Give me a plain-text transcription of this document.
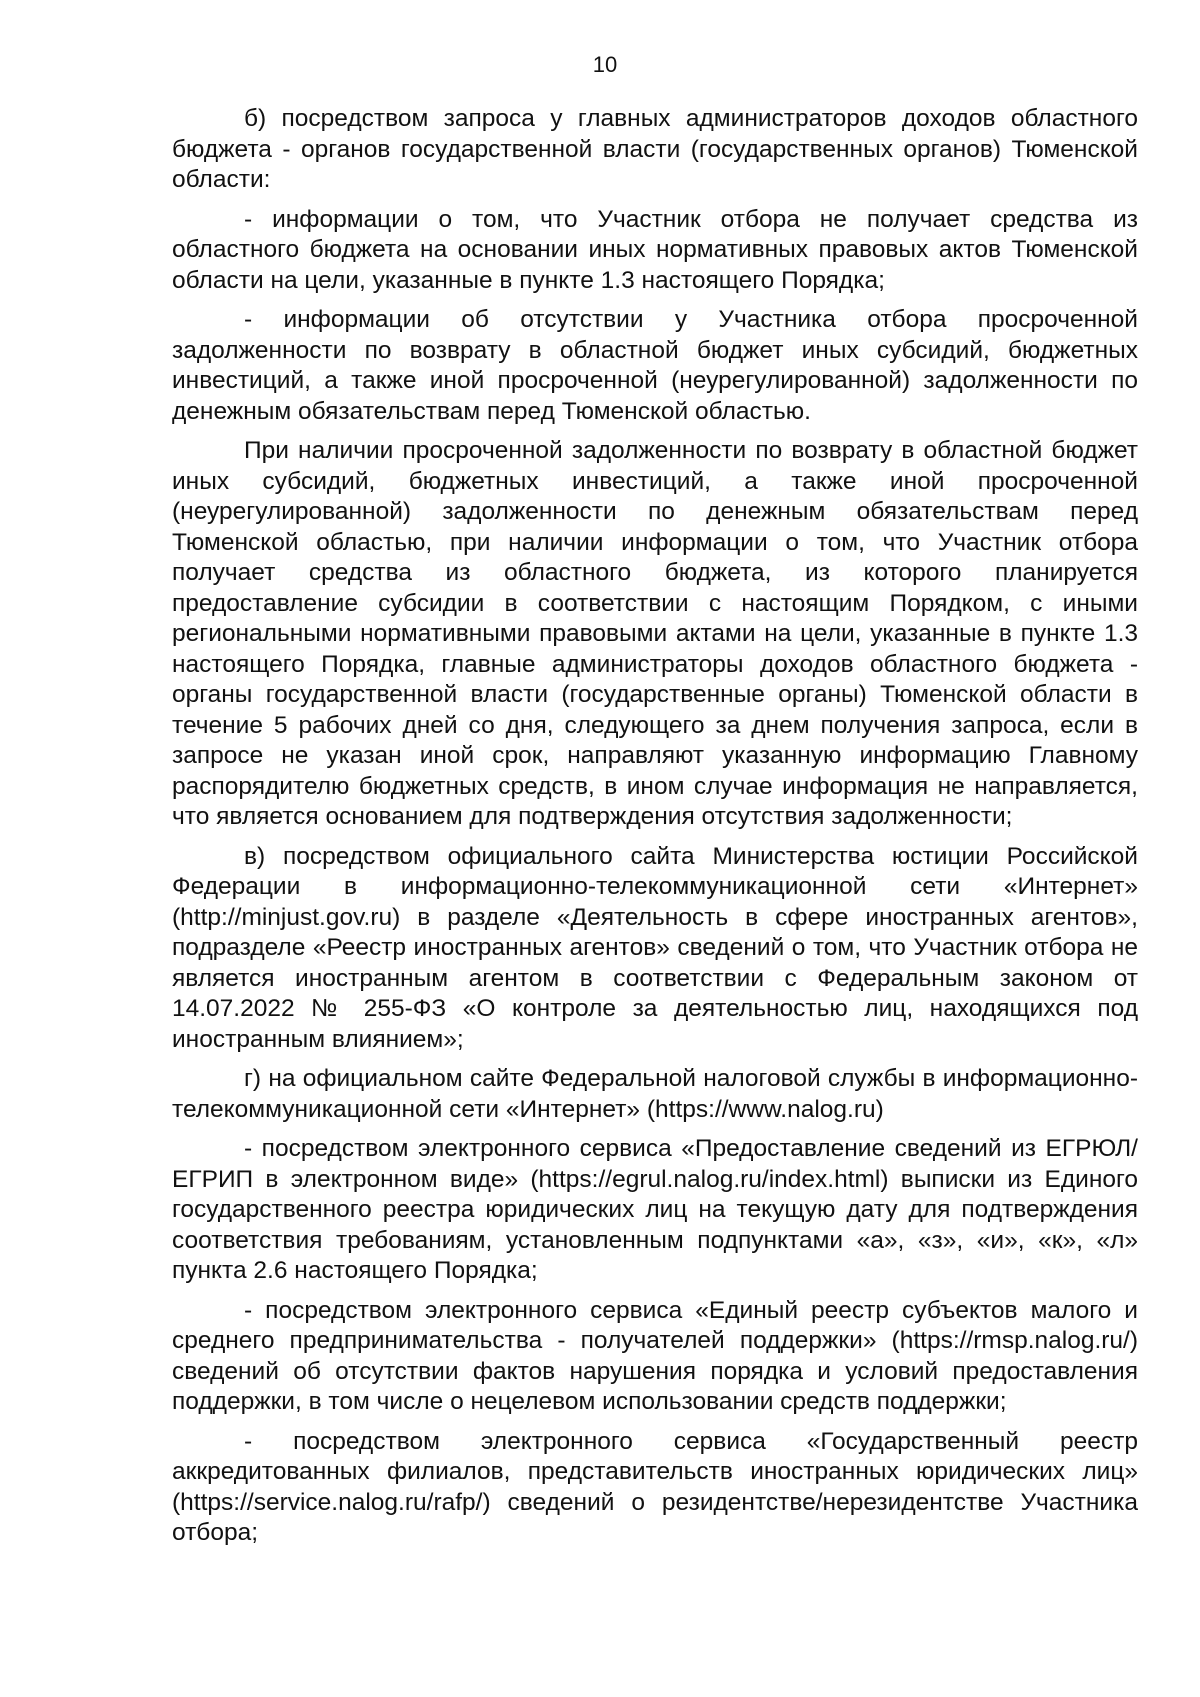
10

б) посредством запроса у главных администраторов доходов областного бюджета - органов государственной власти (государственных органов) Тюменской области:

- информации о том, что Участник отбора не получает средства из областного бюджета на основании иных нормативных правовых актов Тюменской области на цели, указанные в пункте 1.3 настоящего Порядка;

- информации об отсутствии у Участника отбора просроченной задолженности по возврату в областной бюджет иных субсидий, бюджетных инвестиций, а также иной просроченной (неурегулированной) задолженности по денежным обязательствам перед Тюменской областью.

При наличии просроченной задолженности по возврату в областной бюджет иных субсидий, бюджетных инвестиций, а также иной просроченной (неурегулированной) задолженности по денежным обязательствам перед Тюменской областью, при наличии информации о том, что Участник отбора получает средства из областного бюджета, из которого планируется предоставление субсидии в соответствии с настоящим Порядком, с иными региональными нормативными правовыми актами на цели, указанные в пункте 1.3 настоящего Порядка, главные администраторы доходов областного бюджета - органы государственной власти (государственные органы) Тюменской области в течение 5 рабочих дней со дня, следующего за днем получения запроса, если в запросе не указан иной срок, направляют указанную информацию Главному распорядителю бюджетных средств, в ином случае информация не направляется, что является основанием для подтверждения отсутствия задолженности;

в) посредством официального сайта Министерства юстиции Российской Федерации в информационно-телекоммуникационной сети «Интернет» (http://minjust.gov.ru) в разделе «Деятельность в сфере иностранных агентов», подразделе «Реестр иностранных агентов» сведений о том, что Участник отбора не является иностранным агентом в соответствии с Федеральным законом от 14.07.2022 № 255-ФЗ «О контроле за деятельностью лиц, находящихся под иностранным влиянием»;

г) на официальном сайте Федеральной налоговой службы в информационно-телекоммуникационной сети «Интернет» (https://www.nalog.ru)

- посредством электронного сервиса «Предоставление сведений из ЕГРЮЛ/ЕГРИП в электронном виде» (https://egrul.nalog.ru/index.html) выписки из Единого государственного реестра юридических лиц на текущую дату для подтверждения соответствия требованиям, установленным подпунктами «а», «з», «и», «к», «л» пункта 2.6 настоящего Порядка;

- посредством электронного сервиса «Единый реестр субъектов малого и среднего предпринимательства - получателей поддержки» (https://rmsp.nalog.ru/) сведений об отсутствии фактов нарушения порядка и условий предоставления поддержки, в том числе о нецелевом использовании средств поддержки;

- посредством электронного сервиса «Государственный реестр аккредитованных филиалов, представительств иностранных юридических лиц» (https://service.nalog.ru/rafp/) сведений о резидентстве/нерезидентстве Участника отбора;
